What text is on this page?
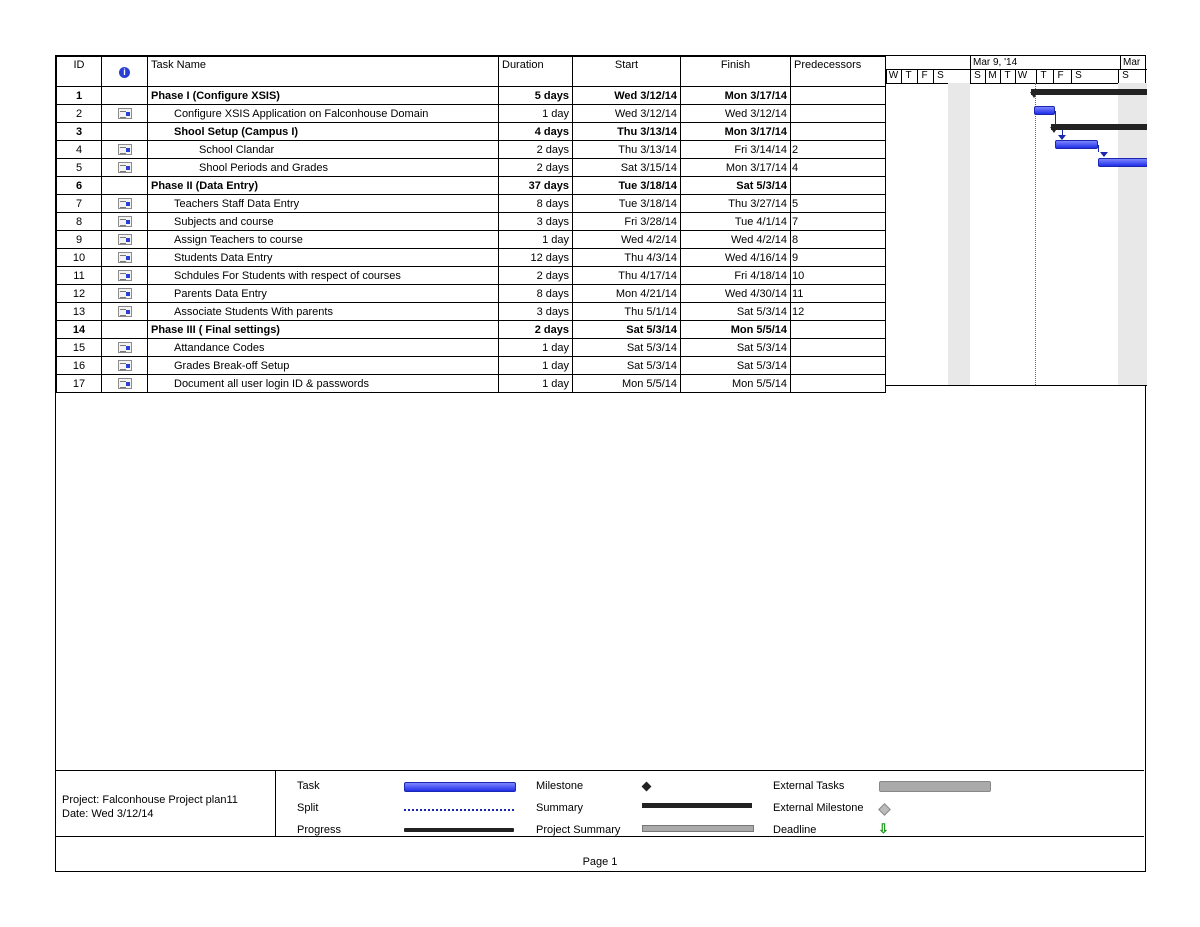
ID	i	Task Name	Duration	Start	Finish	Predecessors
1		Phase I (Configure XSIS)	5 days	Wed 3/12/14	Mon 3/17/14	
2		Configure XSIS Application on Falconhouse Domain	1 day	Wed 3/12/14	Wed 3/12/14	
3		Shool Setup (Campus I)	4 days	Thu 3/13/14	Mon 3/17/14	
4		School Clandar	2 days	Thu 3/13/14	Fri 3/14/14	2
5		Shool Periods and Grades	2 days	Sat 3/15/14	Mon 3/17/14	4
6		Phase II (Data Entry)	37 days	Tue 3/18/14	Sat 5/3/14	
7		Teachers Staff Data Entry	8 days	Tue 3/18/14	Thu 3/27/14	5
8		Subjects and course	3 days	Fri 3/28/14	Tue 4/1/14	7
9		Assign Teachers to course	1 day	Wed 4/2/14	Wed 4/2/14	8
10		Students Data Entry	12 days	Thu 4/3/14	Wed 4/16/14	9
11		Schdules For Students with respect of courses	2 days	Thu 4/17/14	Fri 4/18/14	10
12		Parents Data Entry	8 days	Mon 4/21/14	Wed 4/30/14	11
13		Associate Students With parents	3 days	Thu 5/1/14	Sat 5/3/14	12
14		Phase III ( Final settings)	2 days	Sat 5/3/14	Mon 5/5/14	
15		Attandance Codes	1 day	Sat 5/3/14	Sat 5/3/14	
16		Grades Break-off Setup	1 day	Sat 5/3/14	Sat 5/3/14	
17		Document all user login ID & passwords	1 day	Mon 5/5/14	Mon 5/5/14	
Mar 9, '14	Mar
W T F S	S M T W	T	F	S	S
Project: Falconhouse Project plan11
Date: Wed 3/12/14
Task
Split
Progress
Milestone
Summary
Project Summary
External Tasks
External Milestone
Deadline	⇩
Page 1
